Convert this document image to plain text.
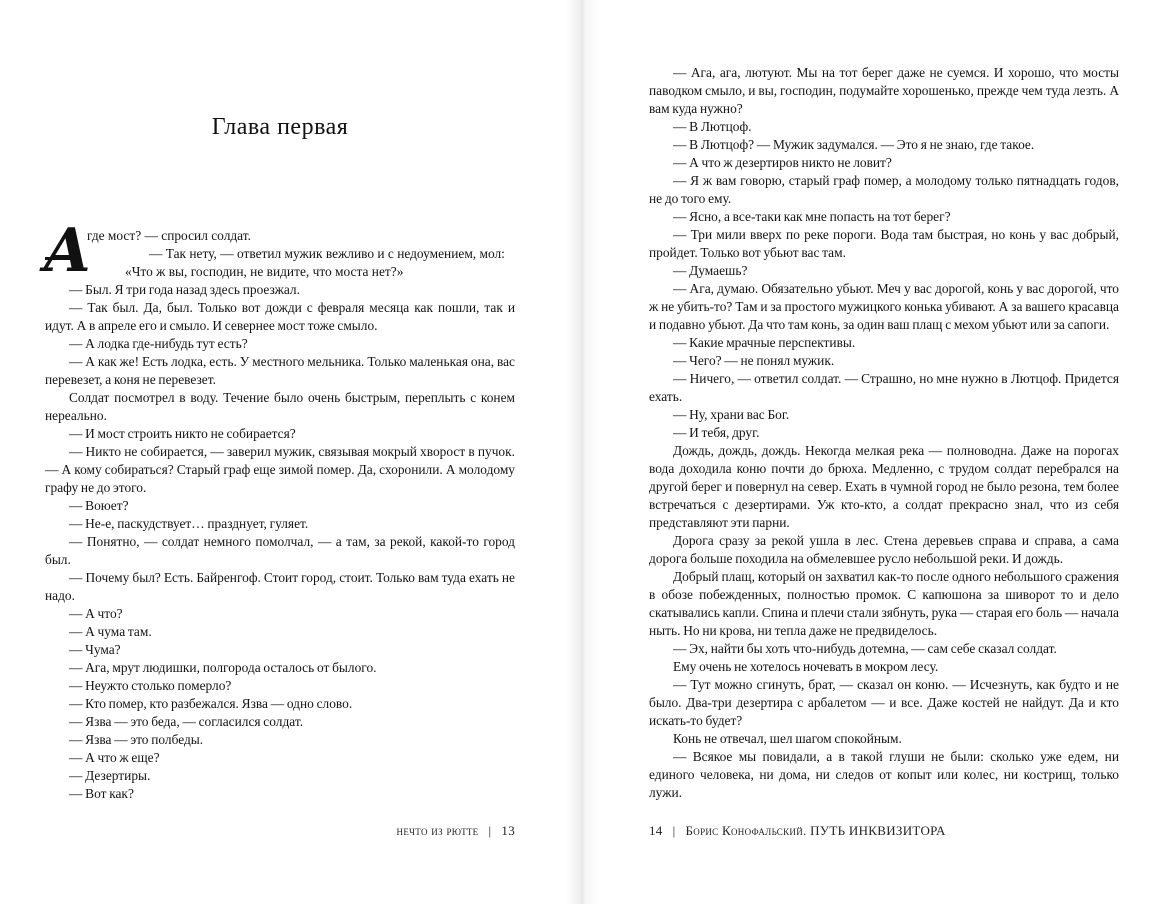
Глава первая
А
где мост? — спросил солдат.
— Так нету, — ответил мужик вежливо и с недоумением, мол:
«Что ж вы, господин, не видите, что моста нет?»

— Был. Я три года назад здесь проезжал.

— Так был. Да, был. Только вот дожди с февраля месяца как пошли, так и идут. А в апреле его и смыло. И севернее мост тоже смыло.

— А лодка где-нибудь тут есть?

— А как же! Есть лодка, есть. У местного мельника. Только маленькая она, вас перевезет, а коня не перевезет.

Солдат посмотрел в воду. Течение было очень быстрым, переплыть с конем нереально.

— И мост строить никто не собирается?

— Никто не собирается, — заверил мужик, связывая мокрый хворост в пучок. — А кому собираться? Старый граф еще зимой помер. Да, схоронили. А молодому графу не до этого.

— Воюет?

— Не-е, паскудствует… празднует, гуляет.

— Понятно, — солдат немного помолчал, — а там, за рекой, какой-то город был.

— Почему был? Есть. Байренгоф. Стоит город, стоит. Только вам туда ехать не надо.

— А что?

— А чума там.

— Чума?

— Ага, мрут людишки, полгорода осталось от былого.

— Неужто столько померло?

— Кто помер, кто разбежался. Язва — одно слово.

— Язва — это беда, — согласился солдат.

— Язва — это полбеды.

— А что ж еще?

— Дезертиры.

— Вот как?

нечто из рютте | 13

— Ага, ага, лютуют. Мы на тот берег даже не суемся. И хорошо, что мосты паводком смыло, и вы, господин, подумайте хорошенько, прежде чем туда лезть. А вам куда нужно?

— В Лютцоф.

— В Лютцоф? — Мужик задумался. — Это я не знаю, где такое.

— А что ж дезертиров никто не ловит?

— Я ж вам говорю, старый граф помер, а молодому только пятнадцать годов, не до того ему.

— Ясно, а все-таки как мне попасть на тот берег?

— Три мили вверх по реке пороги. Вода там быстрая, но конь у вас добрый, пройдет. Только вот убьют вас там.

— Думаешь?

— Ага, думаю. Обязательно убьют. Меч у вас дорогой, конь у вас дорогой, что ж не убить-то? Там и за простого мужицкого конька убивают. А за вашего красавца и подавно убьют. Да что там конь, за один ваш плащ с мехом убьют или за сапоги.

— Какие мрачные перспективы.

— Чего? — не понял мужик.

— Ничего, — ответил солдат. — Страшно, но мне нужно в Лютцоф. Придется ехать.

— Ну, храни вас Бог.

— И тебя, друг.

Дождь, дождь, дождь. Некогда мелкая река — полноводна. Даже на порогах вода доходила коню почти до брюха. Медленно, с трудом солдат перебрался на другой берег и повернул на север. Ехать в чумной город не было резона, тем более встречаться с дезертирами. Уж кто-кто, а солдат прекрасно знал, что из себя представляют эти парни.

Дорога сразу за рекой ушла в лес. Стена деревьев справа и справа, а сама дорога больше походила на обмелевшее русло небольшой реки. И дождь.

Добрый плащ, который он захватил как-то после одного небольшого сражения в обозе побежденных, полностью промок. С капюшона за шиворот то и дело скатывались капли. Спина и плечи стали зябнуть, рука — старая его боль — начала ныть. Но ни крова, ни тепла даже не предвиделось.

— Эх, найти бы хоть что-нибудь дотемна, — сам себе сказал солдат.

Ему очень не хотелось ночевать в мокром лесу.

— Тут можно сгинуть, брат, — сказал он коню. — Исчезнуть, как будто и не было. Два-три дезертира с арбалетом — и все. Даже костей не найдут. Да и кто искать-то будет?

Конь не отвечал, шел шагом спокойным.

— Всякое мы повидали, а в такой глуши не были: сколько уже едем, ни единого человека, ни дома, ни следов от копыт или колес, ни кострищ, только лужи.

14 | Борис Конофальский. ПУТЬ ИНКВИЗИТОРА
